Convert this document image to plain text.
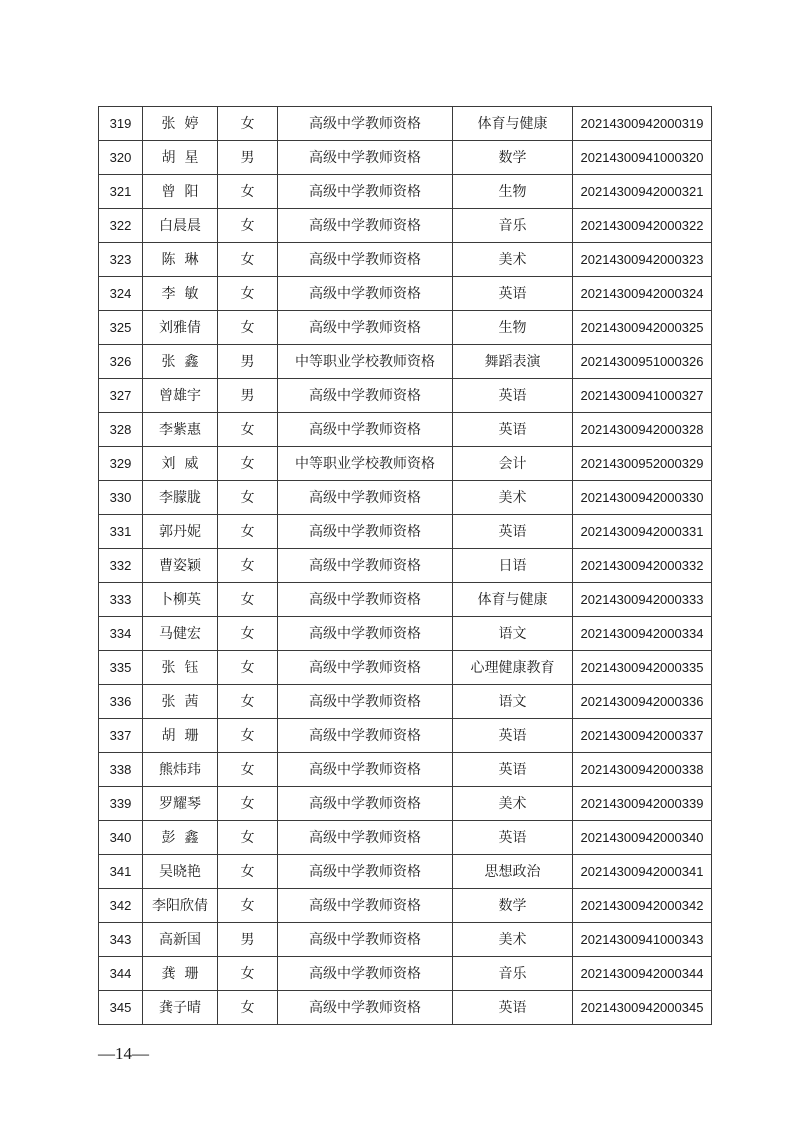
319	张  婷	女	高级中学教师资格	体育与健康	20214300942000319
320	胡  星	男	高级中学教师资格	数学	20214300941000320
321	曾  阳	女	高级中学教师资格	生物	20214300942000321
322	白晨晨	女	高级中学教师资格	音乐	20214300942000322
323	陈  琳	女	高级中学教师资格	美术	20214300942000323
324	李  敏	女	高级中学教师资格	英语	20214300942000324
325	刘雅倩	女	高级中学教师资格	生物	20214300942000325
326	张  鑫	男	中等职业学校教师资格	舞蹈表演	20214300951000326
327	曾雄宇	男	高级中学教师资格	英语	20214300941000327
328	李紫惠	女	高级中学教师资格	英语	20214300942000328
329	刘  威	女	中等职业学校教师资格	会计	20214300952000329
330	李朦胧	女	高级中学教师资格	美术	20214300942000330
331	郭丹妮	女	高级中学教师资格	英语	20214300942000331
332	曹姿颖	女	高级中学教师资格	日语	20214300942000332
333	卜柳英	女	高级中学教师资格	体育与健康	20214300942000333
334	马健宏	女	高级中学教师资格	语文	20214300942000334
335	张  钰	女	高级中学教师资格	心理健康教育	20214300942000335
336	张  茜	女	高级中学教师资格	语文	20214300942000336
337	胡  珊	女	高级中学教师资格	英语	20214300942000337
338	熊炜玮	女	高级中学教师资格	英语	20214300942000338
339	罗耀琴	女	高级中学教师资格	美术	20214300942000339
340	彭  鑫	女	高级中学教师资格	英语	20214300942000340
341	吴晓艳	女	高级中学教师资格	思想政治	20214300942000341
342	李阳欣倩	女	高级中学教师资格	数学	20214300942000342
343	高新国	男	高级中学教师资格	美术	20214300941000343
344	龚  珊	女	高级中学教师资格	音乐	20214300942000344
345	龚子晴	女	高级中学教师资格	英语	20214300942000345
—14—
